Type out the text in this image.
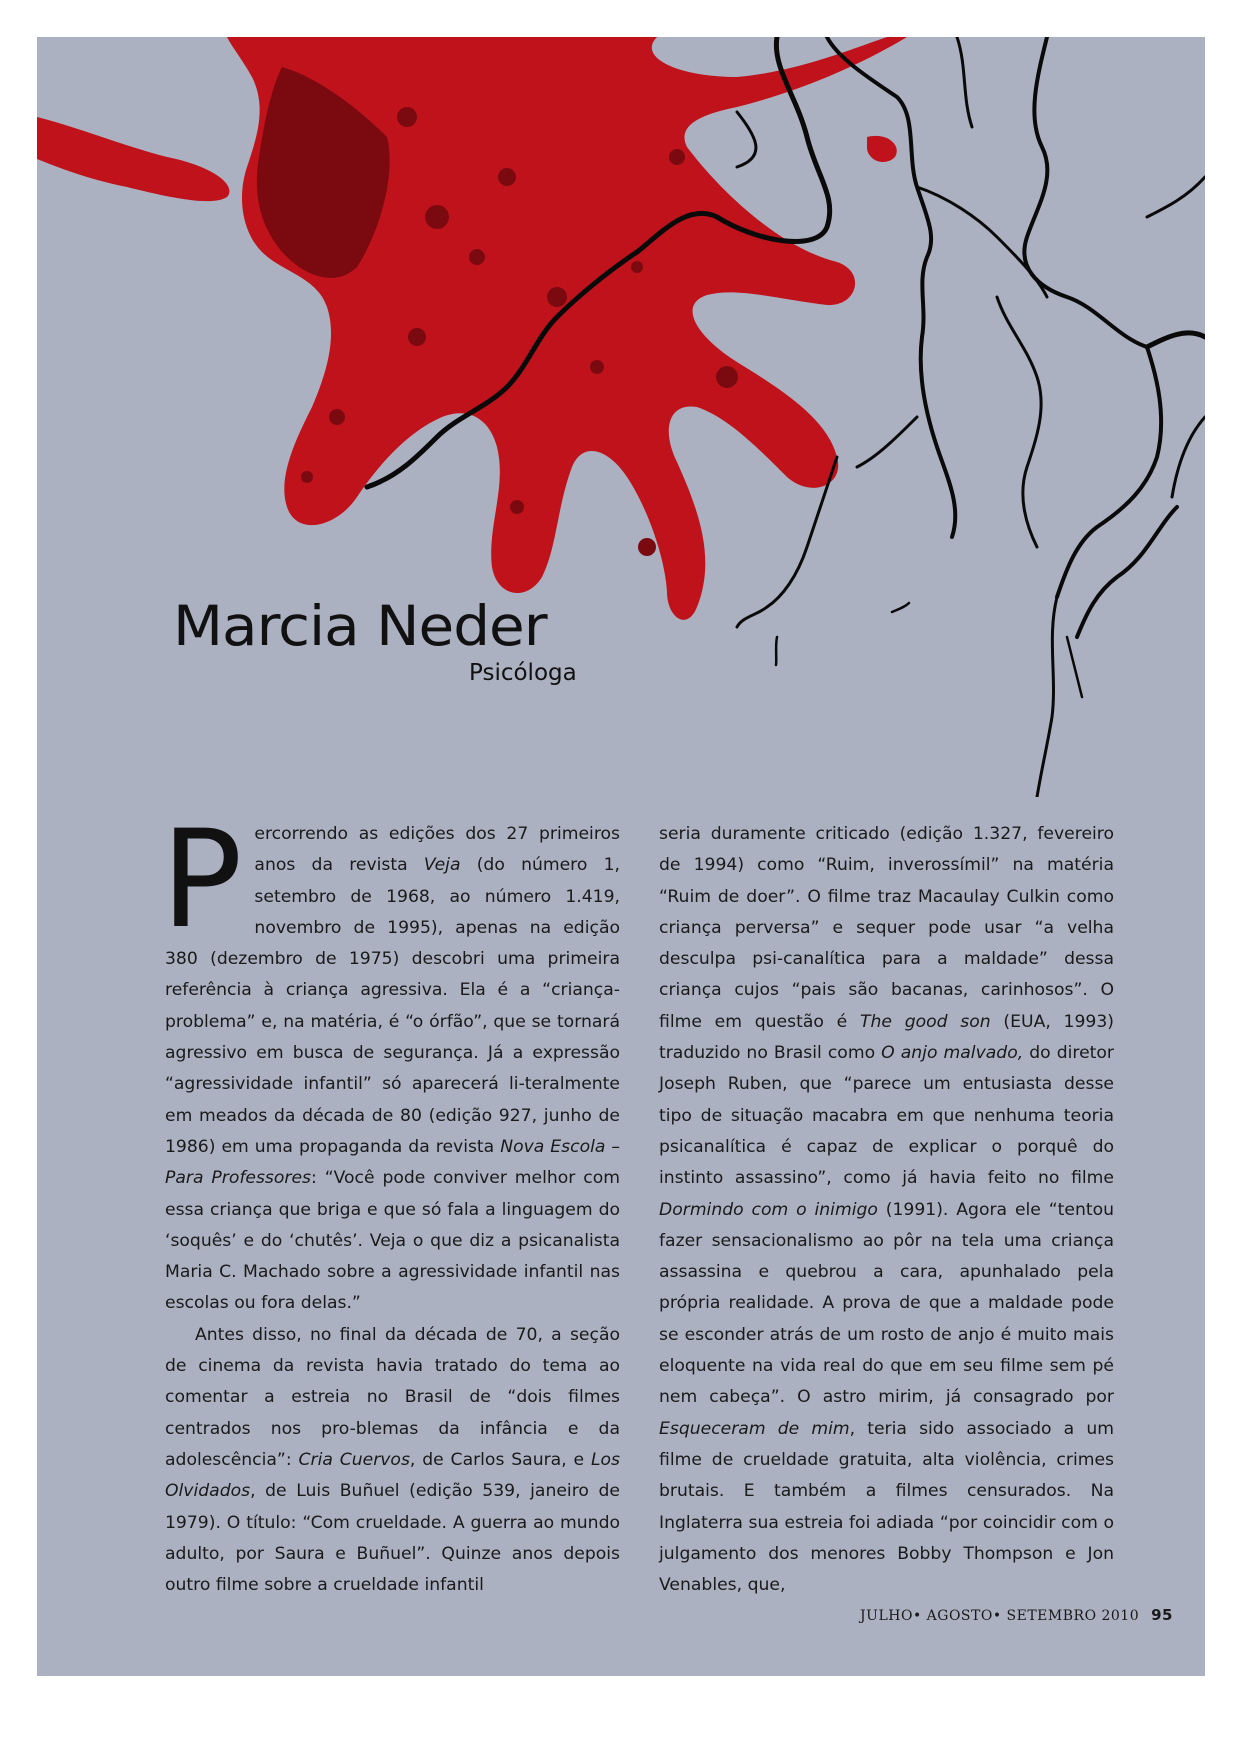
Marcia Neder
Psicóloga

Percorrendo as edições dos 27 primeiros anos da revista Veja (do número 1, setembro de 1968, ao número 1.419, novembro de 1995), apenas na edição 380 (dezembro de 1975) descobri uma primeira referência à criança agressiva. Ela é a “criança-problema” e, na matéria, é “o órfão”, que se tornará agressivo em busca de segurança. Já a expressão “agressividade infantil” só aparecerá li-teralmente em meados da década de 80 (edição 927, junho de 1986) em uma propaganda da revista Nova Escola – Para Professores: “Você pode conviver melhor com essa criança que briga e que só fala a linguagem do ‘soquês’ e do ‘chutês’. Veja o que diz a psicanalista Maria C. Machado sobre a agressividade infantil nas escolas ou fora delas.”

Antes disso, no final da década de 70, a seção de cinema da revista havia tratado do tema ao comentar a estreia no Brasil de “dois filmes centrados nos pro-blemas da infância e da adolescência”: Cria Cuervos, de Carlos Saura, e Los Olvidados, de Luis Buñuel (edição 539, janeiro de 1979). O título: “Com crueldade. A guerra ao mundo adulto, por Saura e Buñuel”. Quinze anos depois outro filme sobre a crueldade infantil

seria duramente criticado (edição 1.327, fevereiro de 1994) como “Ruim, inverossímil” na matéria “Ruim de doer”. O filme traz Macaulay Culkin como criança perversa” e sequer pode usar “a velha desculpa psi-canalítica para a maldade” dessa criança cujos “pais são bacanas, carinhosos”. O filme em questão é The good son (EUA, 1993) traduzido no Brasil como O anjo malvado, do diretor Joseph Ruben, que “parece um entusiasta desse tipo de situação macabra em que nenhuma teoria psicanalítica é capaz de explicar o porquê do instinto assassino”, como já havia feito no filme Dormindo com o inimigo (1991). Agora ele “tentou fazer sensacionalismo ao pôr na tela uma criança assassina e quebrou a cara, apunhalado pela própria realidade. A prova de que a maldade pode se esconder atrás de um rosto de anjo é muito mais eloquente na vida real do que em seu filme sem pé nem cabeça”. O astro mirim, já consagrado por Esqueceram de mim, teria sido associado a um filme de crueldade gratuita, alta violência, crimes brutais. E também a filmes censurados. Na Inglaterra sua estreia foi adiada “por coincidir com o julgamento dos menores Bobby Thompson e Jon Venables, que,

JULHO• AGOSTO• SETEMBRO 2010 95
